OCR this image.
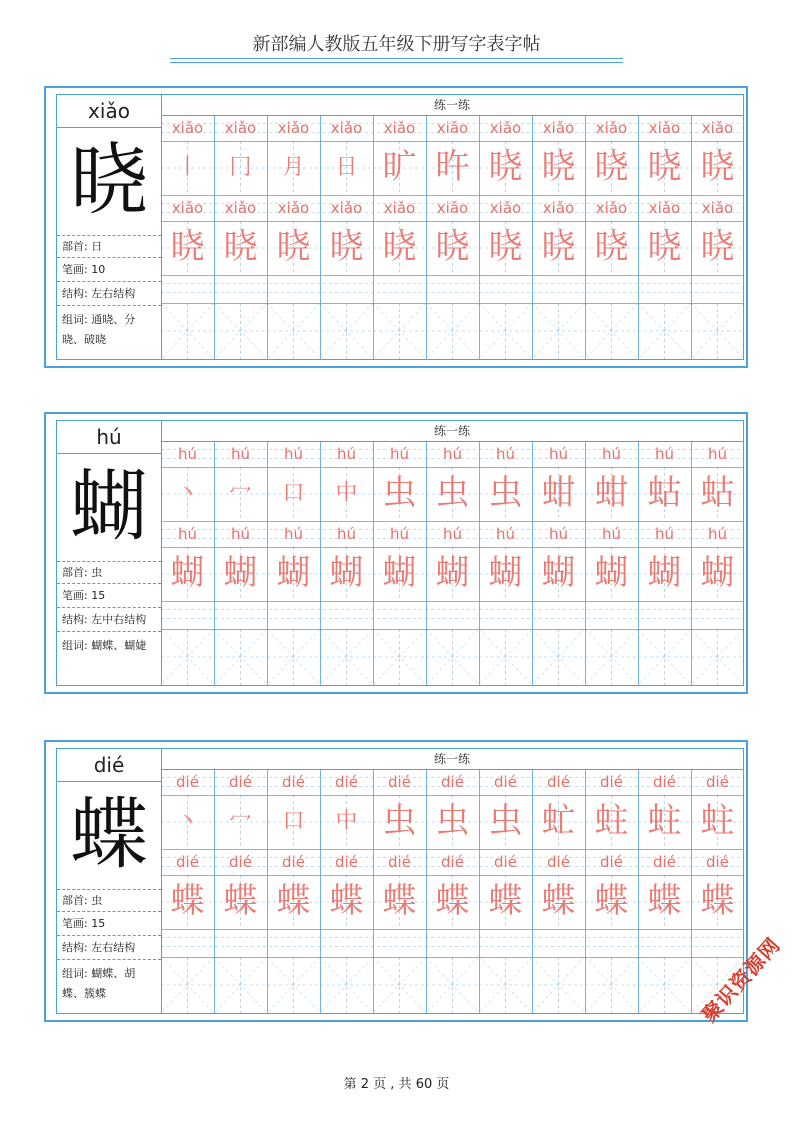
新部编人教版五年级下册写字表字帖
xiǎo
晓
部首: 日
笔画: 10
结构: 左右结构
组词: 通晓、分晓、破晓
练一练
xiǎo
xiǎo
丨
晓
xiǎo
xiǎo
冂
晓
xiǎo
xiǎo
月
晓
xiǎo
xiǎo
日
晓
xiǎo
xiǎo
旷
晓
xiǎo
xiǎo
旿
晓
xiǎo
xiǎo
晓
晓
xiǎo
xiǎo
晓
晓
xiǎo
xiǎo
晓
晓
xiǎo
xiǎo
晓
晓
xiǎo
xiǎo
晓
晓
hú
蝴
部首: 虫
笔画: 15
结构: 左中右结构
组词: 蝴蝶、蝴婕
练一练
hú
hú
丶
蝴
hú
hú
冖
蝴
hú
hú
口
蝴
hú
hú
中
蝴
hú
hú
虫
蝴
hú
hú
虫
蝴
hú
hú
虫
蝴
hú
hú
蚶
蝴
hú
hú
蚶
蝴
hú
hú
蛄
蝴
hú
hú
蛄
蝴
dié
蝶
部首: 虫
笔画: 15
结构: 左右结构
组词: 蝴蝶、胡蝶、簇蝶
练一练
dié
dié
丶
蝶
dié
dié
冖
蝶
dié
dié
口
蝶
dié
dié
中
蝶
dié
dié
虫
蝶
dié
dié
虫
蝶
dié
dié
虫
蝶
dié
dié
虻
蝶
dié
dié
蛀
蝶
dié
dié
蛀
蝶
dié
dié
蛀
蝶
第 2 页 , 共 60 页
聚识资源网
